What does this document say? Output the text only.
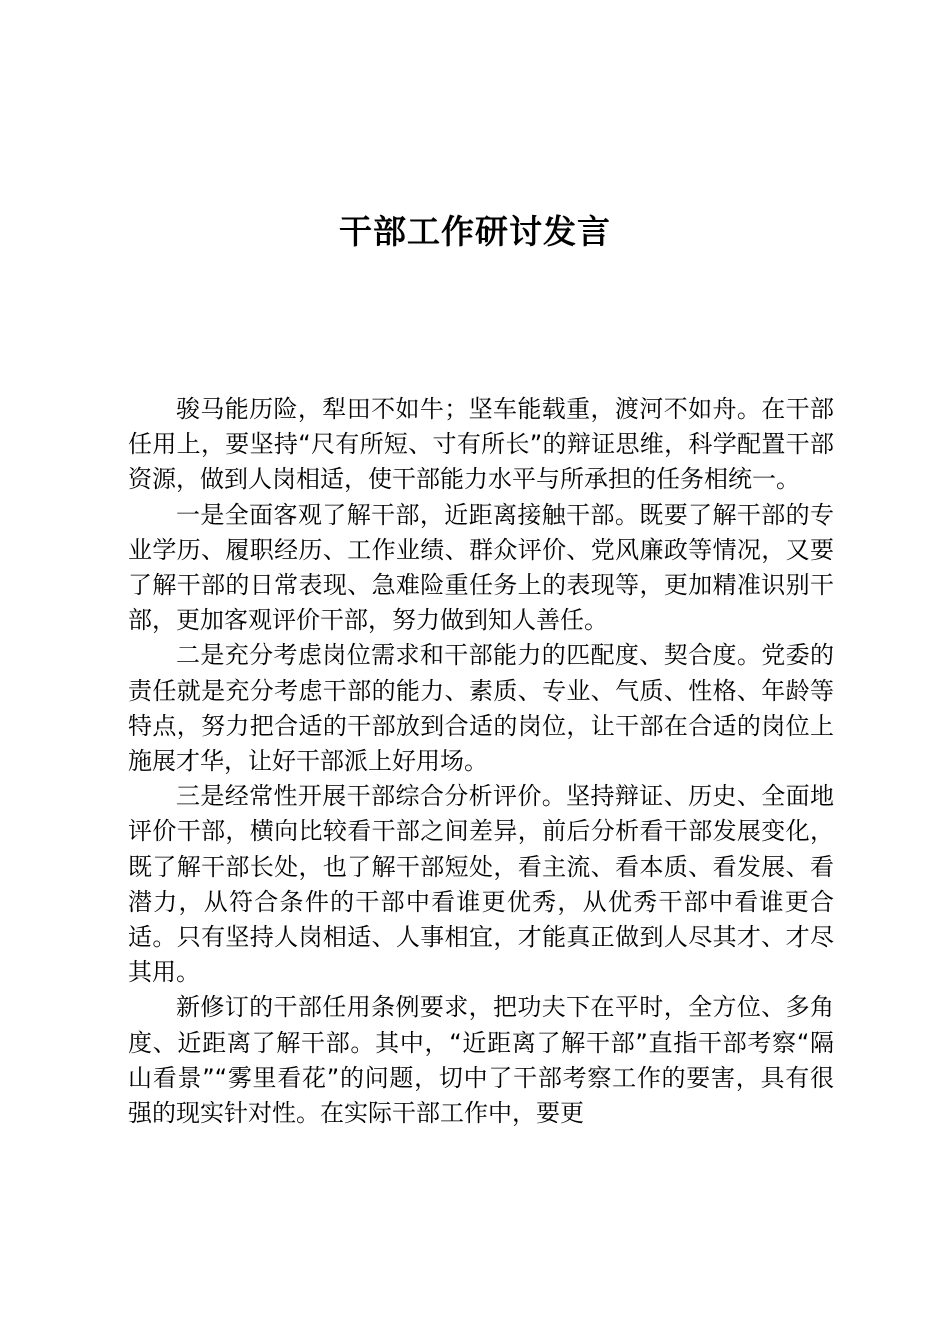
干部工作研讨发言

骏马能历险，犁田不如牛；坚车能载重，渡河不如舟。在干部任用上，要坚持“尺有所短、寸有所长”的辩证思维，科学配置干部资源，做到人岗相适，使干部能力水平与所承担的任务相统一。

一是全面客观了解干部，近距离接触干部。既要了解干部的专业学历、履职经历、工作业绩、群众评价、党风廉政等情况，又要了解干部的日常表现、急难险重任务上的表现等，更加精准识别干部，更加客观评价干部，努力做到知人善任。

二是充分考虑岗位需求和干部能力的匹配度、契合度。党委的责任就是充分考虑干部的能力、素质、专业、气质、性格、年龄等特点，努力把合适的干部放到合适的岗位，让干部在合适的岗位上施展才华，让好干部派上好用场。

三是经常性开展干部综合分析评价。坚持辩证、历史、全面地评价干部，横向比较看干部之间差异，前后分析看干部发展变化，既了解干部长处，也了解干部短处，看主流、看本质、看发展、看潜力，从符合条件的干部中看谁更优秀，从优秀干部中看谁更合适。只有坚持人岗相适、人事相宜，才能真正做到人尽其才、才尽其用。

新修订的干部任用条例要求，把功夫下在平时，全方位、多角度、近距离了解干部。其中，“近距离了解干部”直指干部考察“隔山看景”“雾里看花”的问题，切中了干部考察工作的要害，具有很强的现实针对性。在实际干部工作中，要更
